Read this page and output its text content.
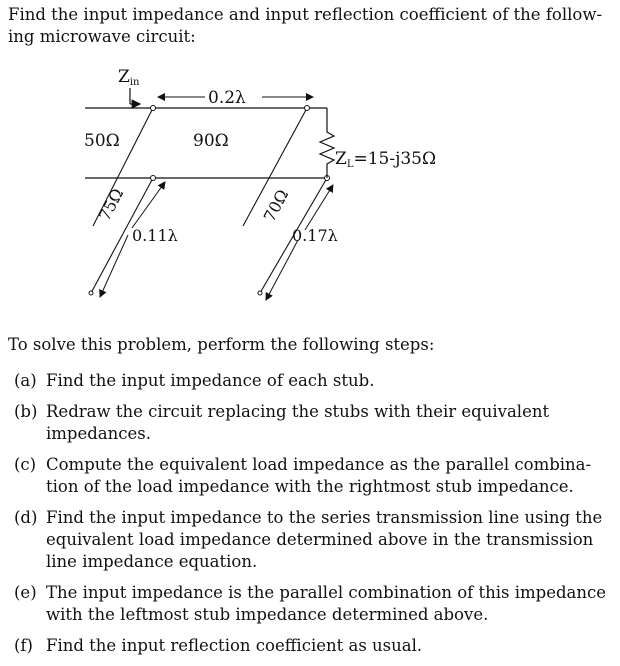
Find the input impedance and input reflection coefficient of the follow-
ing microwave circuit:

Zin
0.2λ
75Ω
0.11λ
70Ω
0.17λ
50Ω	90Ω
ZL=15-j35Ω

To solve this problem, perform the following steps:

(a) Find the input impedance of each stub.
(b) Redraw the circuit replacing the stubs with their equivalent impedances.
(c) Compute the equivalent load impedance as the parallel combina-
tion of the load impedance with the rightmost stub impedance.
(d) Find the input impedance to the series transmission line using the
equivalent load impedance determined above in the transmission
line impedance equation.
(e) The input impedance is the parallel combination of this impedance
with the leftmost stub impedance determined above.
(f) Find the input reflection coefficient as usual.
